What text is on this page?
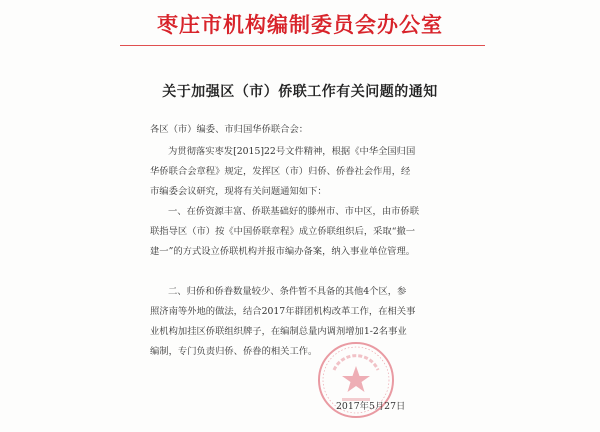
枣庄市机构编制委员会办公室
关于加强区（市）侨联工作有关问题的通知
各区（市）编委、市归国华侨联合会：
为贯彻落实枣发[2015]22号文件精神，根据《中华全国归国
华侨联合会章程》规定，发挥区（市）归侨、侨眷社会作用，经
市编委会议研究，现将有关问题通知如下：
一、在侨资源丰富、侨联基础好的滕州市、市中区，由市侨联
联指导区（市）按《中国侨联章程》成立侨联组织后，采取“撤一
建一”的方式设立侨联机构并报市编办备案，纳入事业单位管理。
二、归侨和侨眷数量较少、条件暂不具备的其他4个区，参
照济南等外地的做法，结合2017年群团机构改革工作，在相关事
业机构加挂区侨联组织牌子，在编制总量内调剂增加1-2名事业
编制，专门负责归侨、侨眷的相关工作。
2017年5月27日
